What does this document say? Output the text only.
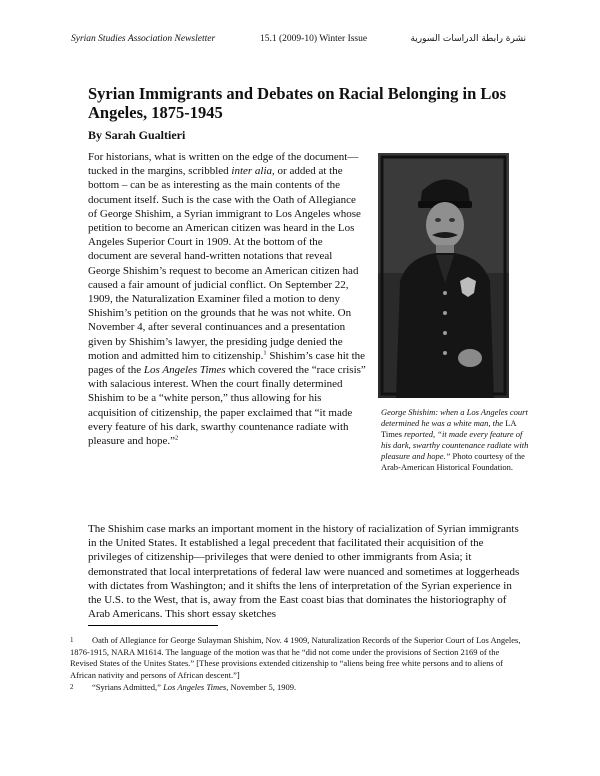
Syrian Studies Association Newsletter	15.1 (2009-10) Winter Issue	نشرة رابطة الدراسات السورية
Syrian Immigrants and Debates on Racial Belonging in Los Angeles, 1875-1945

By Sarah Gualtieri

For historians, what is written on the edge of the document—tucked in the margins, scribbled inter alia, or added at the bottom – can be as interesting as the main contents of the document itself. Such is the case with the Oath of Allegiance of George Shishim, a Syrian immigrant to Los Angeles whose petition to become an American citizen was heard in the Los Angeles Superior Court in 1909. At the bottom of the document are several hand-written notations that reveal George Shishim’s request to become an American citizen had caused a fair amount of judicial conflict. On September 22, 1909, the Naturalization Examiner filed a motion to deny Shishim’s petition on the grounds that he was not white. On November 4, after several continuances and a presentation given by Shishim’s lawyer, the presiding judge denied the motion and admitted him to citizenship.$^1$ Shishim’s case hit the pages of the Los Angeles Times which covered the “race crisis” with salacious interest. When the court finally determined Shishim to be a “white person,” thus allowing for his acquisition of citizenship, the paper exclaimed that “it made every feature of his dark, swarthy countenance radiate with pleasure and hope.”$^2$

George Shishim: when a Los Angeles court determined he was a white man, the LA Times reported, “it made every feature of his dark, swarthy countenance radiate with pleasure and hope.” Photo courtesy of the Arab-American Historical Foundation.

The Shishim case marks an important moment in the history of racialization of Syrian immigrants in the United States. It established a legal precedent that facilitated their acquisition of the privileges of citizenship—privileges that were denied to other immigrants from Asia; it demonstrated that local interpretations of federal law were nuanced and sometimes at loggerheads with dictates from Washington; and it shifts the lens of interpretation of the Syrian experience in the U.S. to the West, that is, away from the East coast bias that dominates the historiography of Arab Americans. This short essay sketches

1	Oath of Allegiance for George Sulayman Shishim, Nov. 4 1909, Naturalization Records of the Superior Court of Los Angeles, 1876-1915, NARA M1614. The language of the motion was that he “did not come under the provisions of Section 2169 of the Revised States of the Unites States.” [These provisions extended citizenship to “aliens being free white persons and to aliens of African nativity and persons of African descent.”]

2	“Syrians Admitted,” Los Angeles Times, November 5, 1909.
